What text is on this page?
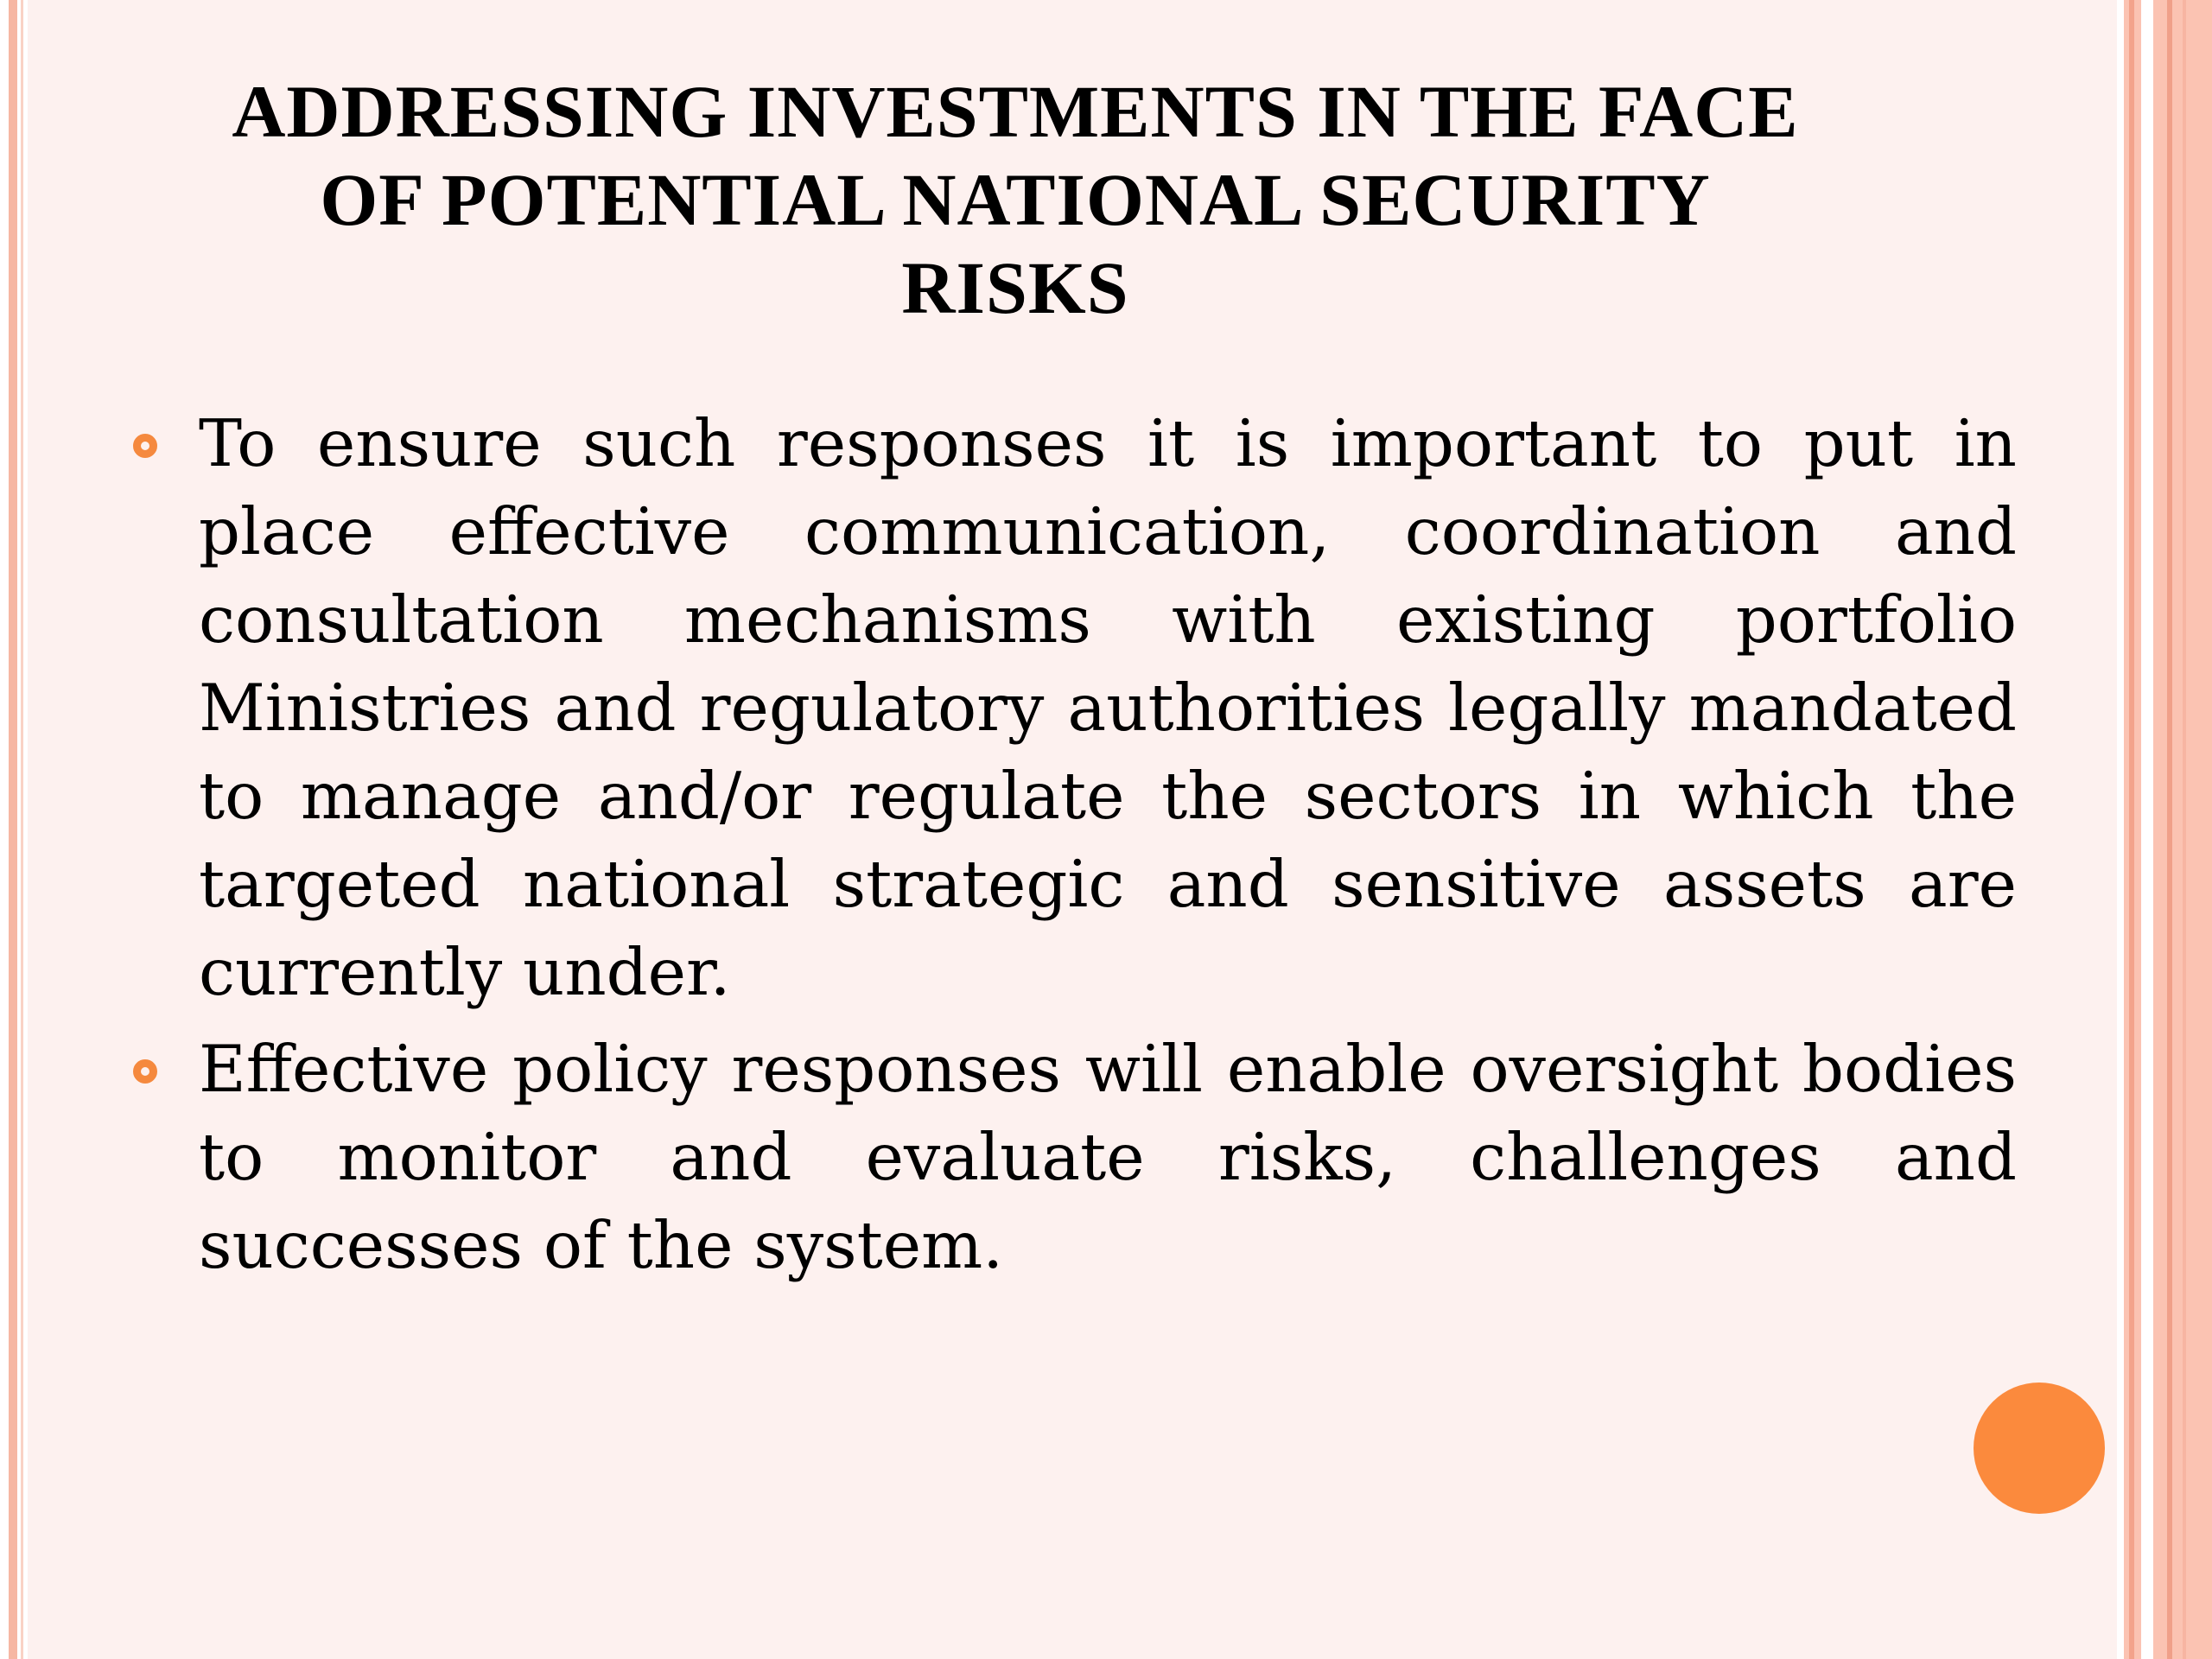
ADDRESSING INVESTMENTS IN THE FACE
OF POTENTIAL NATIONAL SECURITY
RISKS
To ensure such responses it is important to put in place effective communication, coordination and consultation mechanisms with existing portfolio Ministries and regulatory authorities legally mandated to manage and/or regulate the sectors in which the targeted national strategic and sensitive assets are currently under.
Effective policy responses will enable oversight bodies to monitor and evaluate risks, challenges and successes of the system.
